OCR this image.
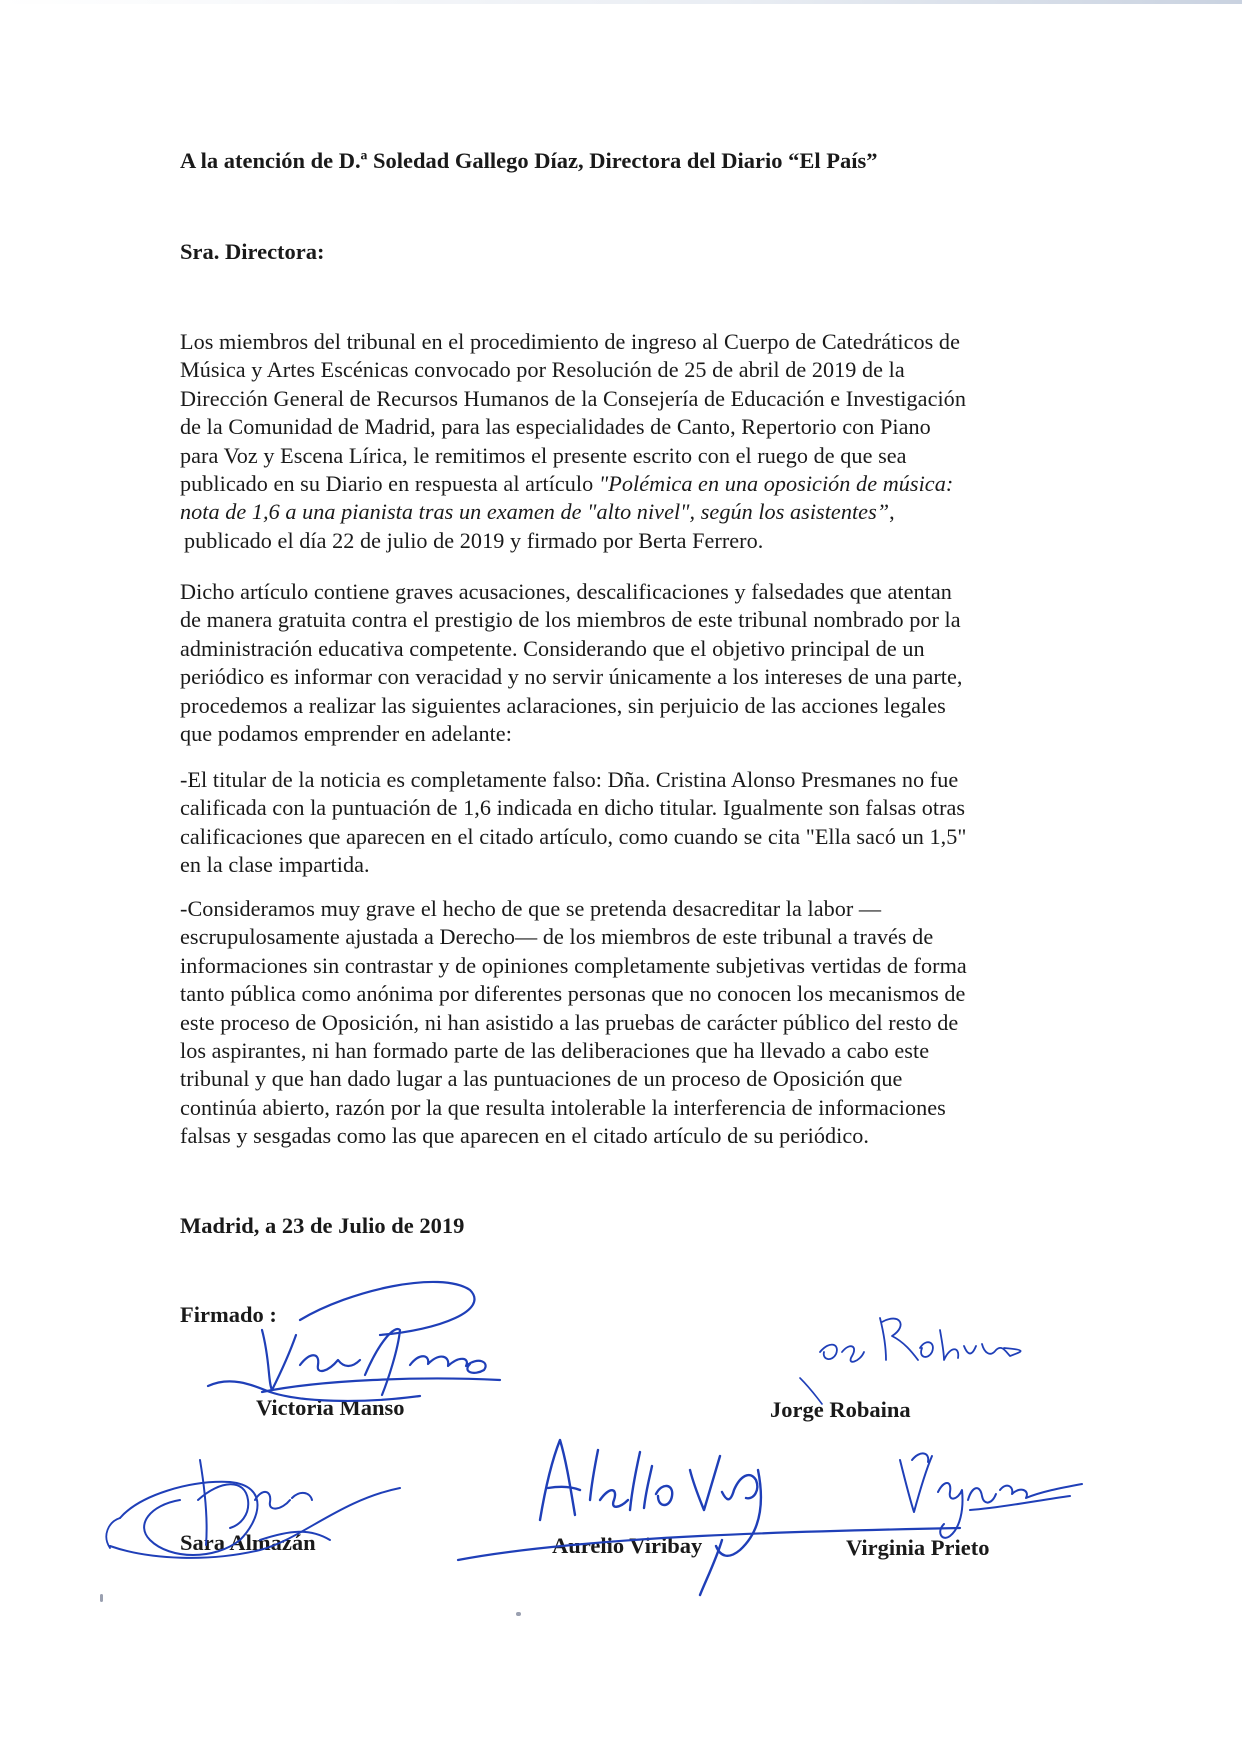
A la atención de D.ª Soledad Gallego Díaz, Directora del Diario “El País”

Sra. Directora:

Los miembros del tribunal en el procedimiento de ingreso al Cuerpo de Catedráticos de
Música y Artes Escénicas convocado por Resolución de 25 de abril de 2019 de la
Dirección General de Recursos Humanos de la Consejería de Educación e Investigación
de la Comunidad de Madrid, para las especialidades de Canto, Repertorio con Piano
para Voz y Escena Lírica, le remitimos el presente escrito con el ruego de que sea
publicado en su Diario en respuesta al artículo "Polémica en una oposición de música:
nota de 1,6 a una pianista tras un examen de "alto nivel", según los asistentes”,
publicado el día 22 de julio de 2019 y firmado por Berta Ferrero.

Dicho artículo contiene graves acusaciones, descalificaciones y falsedades que atentan
de manera gratuita contra el prestigio de los miembros de este tribunal nombrado por la
administración educativa competente. Considerando que el objetivo principal de un
periódico es informar con veracidad y no servir únicamente a los intereses de una parte,
procedemos a realizar las siguientes aclaraciones, sin perjuicio de las acciones legales
que podamos emprender en adelante:

-El titular de la noticia es completamente falso: Dña. Cristina Alonso Presmanes no fue
calificada con la puntuación de 1,6 indicada en dicho titular. Igualmente son falsas otras
calificaciones que aparecen en el citado artículo, como cuando se cita "Ella sacó un 1,5"
en la clase impartida.

-Consideramos muy grave el hecho de que se pretenda desacreditar la labor —
escrupulosamente ajustada a Derecho— de los miembros de este tribunal a través de
informaciones sin contrastar y de opiniones completamente subjetivas vertidas de forma
tanto pública como anónima por diferentes personas que no conocen los mecanismos de
este proceso de Oposición, ni han asistido a las pruebas de carácter público del resto de
los aspirantes, ni han formado parte de las deliberaciones que ha llevado a cabo este
tribunal y que han dado lugar a las puntuaciones de un proceso de Oposición que
continúa abierto, razón por la que resulta intolerable la interferencia de informaciones
falsas y sesgadas como las que aparecen en el citado artículo de su periódico.

Madrid, a 23 de Julio de 2019

Firmado :

Victoria Manso	Jorge Robaina

Sara Almazán	Aurelio Viribay	Virginia Prieto
